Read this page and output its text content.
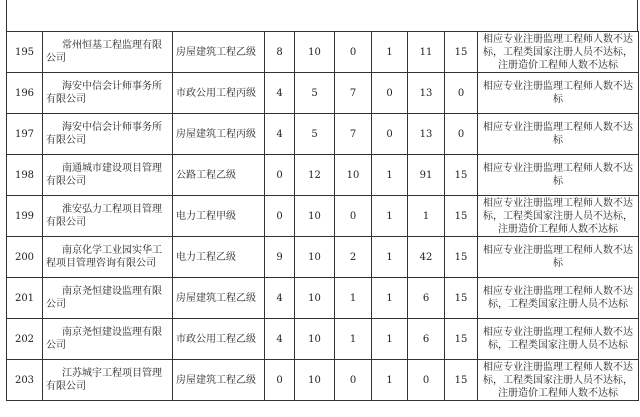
195	常州恒基工程监理有限公司	房屋建筑工程乙级	8	10	0	1	11	15	相应专业注册监理工程师人数不达标，工程类国家注册人员不达标，注册造价工程师人数不达标
196	海安中信会计师事务所有限公司	市政公用工程丙级	4	5	7	0	13	0	相应专业注册监理工程师人数不达标
197	海安中信会计师事务所有限公司	房屋建筑工程丙级	4	5	7	0	13	0	相应专业注册监理工程师人数不达标
198	南通城市建设项目管理有限公司	公路工程乙级	0	12	10	1	91	15	相应专业注册监理工程师人数不达标
199	淮安弘力工程项目管理有限公司	电力工程甲级	0	10	0	1	1	15	相应专业注册监理工程师人数不达标，工程类国家注册人员不达标，注册造价工程师人数不达标
200	南京化学工业园实华工程项目管理咨询有限公司	电力工程乙级	9	10	2	1	42	15	相应专业注册监理工程师人数不达标
201	南京尧恒建设监理有限公司	房屋建筑工程乙级	4	10	1	1	6	15	相应专业注册监理工程师人数不达标，工程类国家注册人员不达标
202	南京尧恒建设监理有限公司	市政公用工程乙级	4	10	1	1	6	15	相应专业注册监理工程师人数不达标，工程类国家注册人员不达标
203	江苏城宇工程项目管理有限公司	房屋建筑工程乙级	0	10	0	1	0	15	相应专业注册监理工程师人数不达标，工程类国家注册人员不达标，注册造价工程师人数不达标
